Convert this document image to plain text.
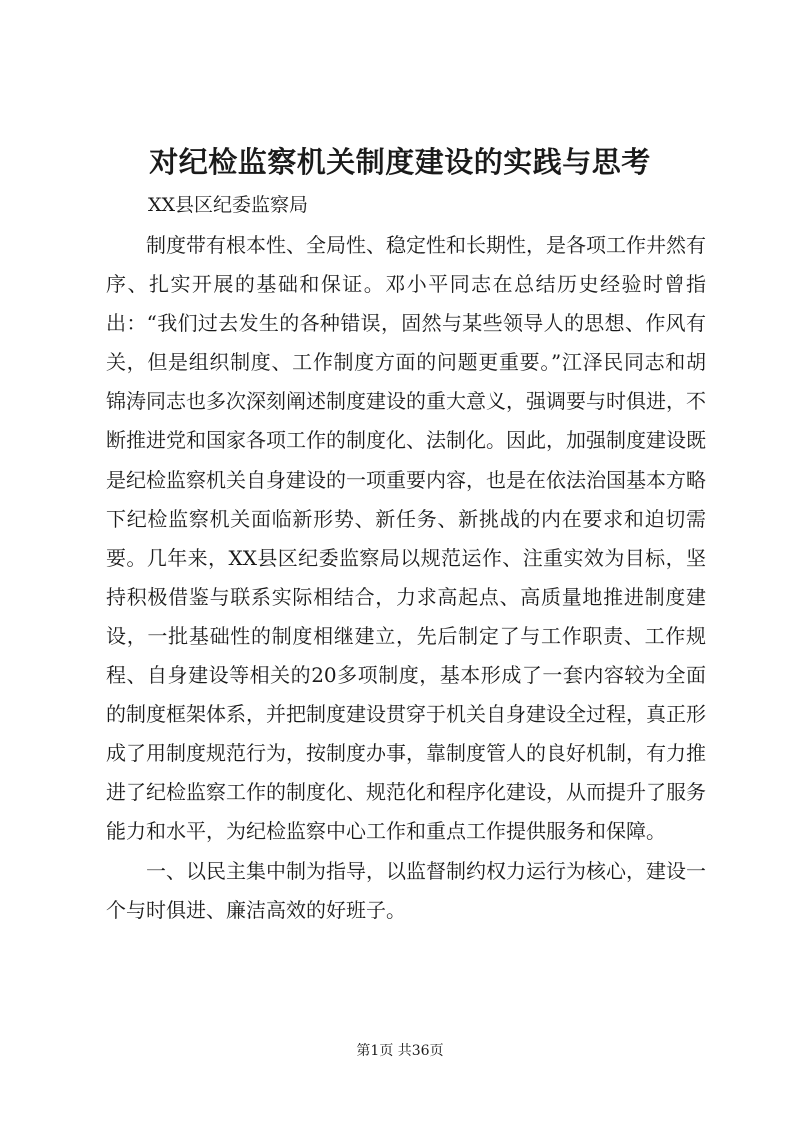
对纪检监察机关制度建设的实践与思考
XX县区纪委监察局

制度带有根本性、全局性、稳定性和长期性，是各项工作井然有序、扎实开展的基础和保证。邓小平同志在总结历史经验时曾指出：“我们过去发生的各种错误，固然与某些领导人的思想、作风有关，但是组织制度、工作制度方面的问题更重要。”江泽民同志和胡锦涛同志也多次深刻阐述制度建设的重大意义，强调要与时俱进，不断推进党和国家各项工作的制度化、法制化。因此，加强制度建设既是纪检监察机关自身建设的一项重要内容，也是在依法治国基本方略下纪检监察机关面临新形势、新任务、新挑战的内在要求和迫切需要。几年来，XX县区纪委监察局以规范运作、注重实效为目标，坚持积极借鉴与联系实际相结合，力求高起点、高质量地推进制度建设，一批基础性的制度相继建立，先后制定了与工作职责、工作规程、自身建设等相关的20多项制度，基本形成了一套内容较为全面的制度框架体系，并把制度建设贯穿于机关自身建设全过程，真正形成了用制度规范行为，按制度办事，靠制度管人的良好机制，有力推进了纪检监察工作的制度化、规范化和程序化建设，从而提升了服务能力和水平，为纪检监察中心工作和重点工作提供服务和保障。

一、以民主集中制为指导，以监督制约权力运行为核心，建设一个与时俱进、廉洁高效的好班子。

第1页 共36页
